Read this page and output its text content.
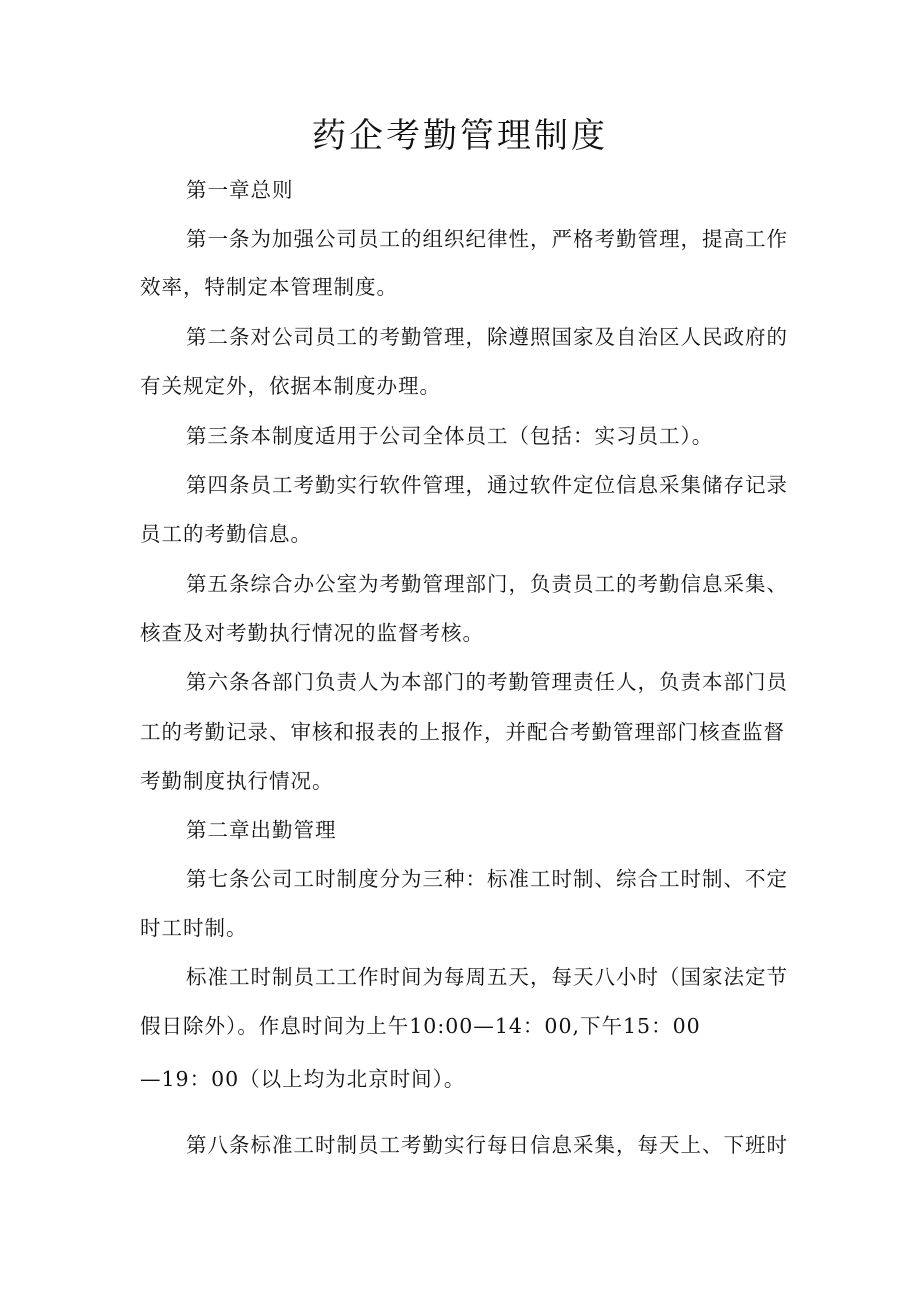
药企考勤管理制度
第一章总则
第一条为加强公司员工的组织纪律性，严格考勤管理，提高工作
效率，特制定本管理制度。
第二条对公司员工的考勤管理，除遵照国家及自治区人民政府的
有关规定外，依据本制度办理。
第三条本制度适用于公司全体员工（包括：实习员工）。
第四条员工考勤实行软件管理，通过软件定位信息采集储存记录
员工的考勤信息。
第五条综合办公室为考勤管理部门，负责员工的考勤信息采集、
核查及对考勤执行情况的监督考核。
第六条各部门负责人为本部门的考勤管理责任人，负责本部门员
工的考勤记录、审核和报表的上报作，并配合考勤管理部门核查监督
考勤制度执行情况。
第二章出勤管理
第七条公司工时制度分为三种：标准工时制、综合工时制、不定
时工时制。
标准工时制员工工作时间为每周五天，每天八小时（国家法定节
假日除外）。作息时间为上午10:00—14：00,下午15：00
—19：00（以上均为北京时间）。
第八条标准工时制员工考勤实行每日信息采集，每天上、下班时
